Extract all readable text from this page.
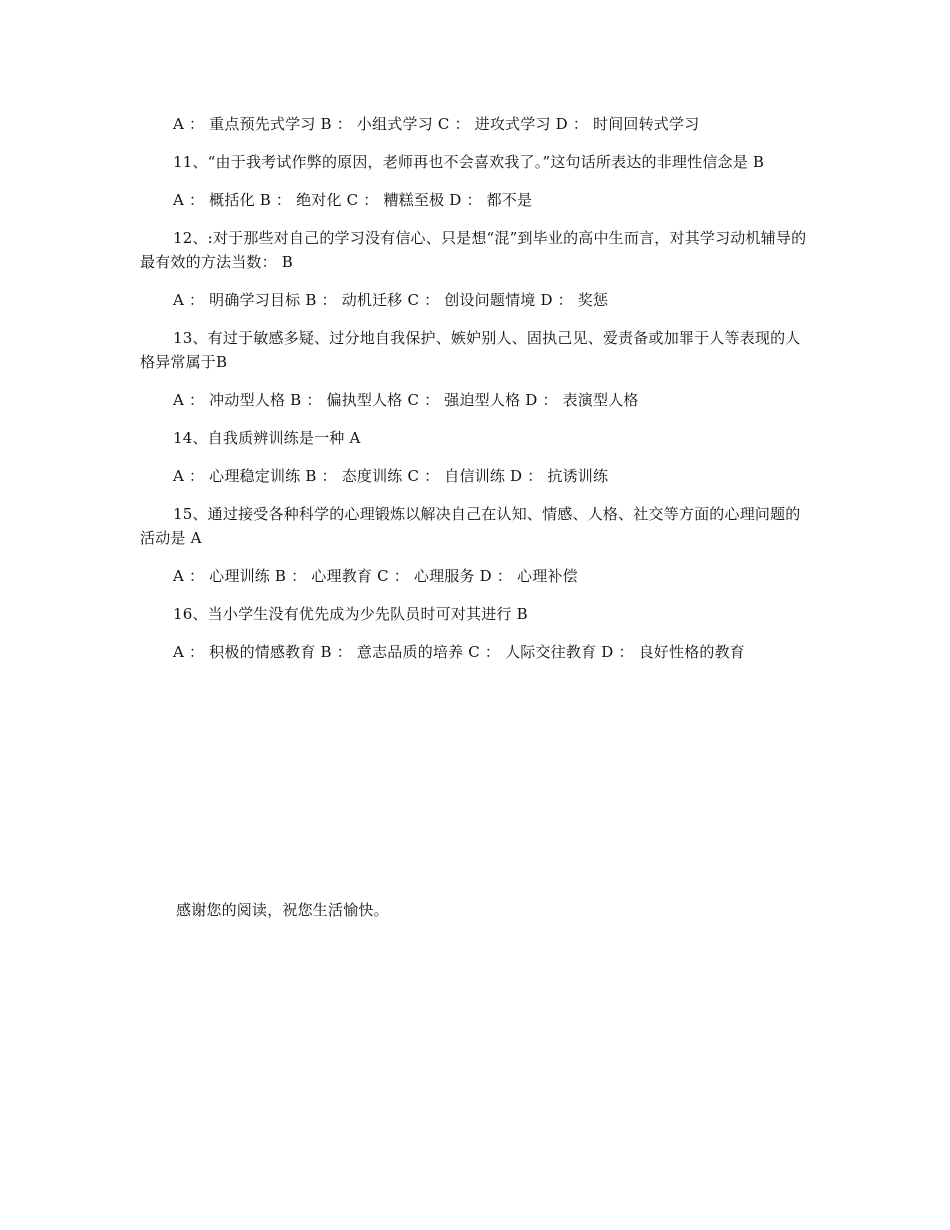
A ： 重点预先式学习 B ： 小组式学习 C ： 进攻式学习 D ： 时间回转式学习

11、“由于我考试作弊的原因，老师再也不会喜欢我了。”这句话所表达的非理性信念是 B

A ： 概括化 B ： 绝对化 C ： 糟糕至极 D ： 都不是

12、:对于那些对自己的学习没有信心、只是想“混”到毕业的高中生而言，对其学习动机辅导的最有效的方法当数： B

A ： 明确学习目标 B ： 动机迁移 C ： 创设问题情境 D ： 奖惩

13、有过于敏感多疑、过分地自我保护、嫉妒别人、固执己见、爱责备或加罪于人等表现的人格异常属于B

A ： 冲动型人格 B ： 偏执型人格 C ： 强迫型人格 D ： 表演型人格

14、自我质辨训练是一种 A

A ： 心理稳定训练 B ： 态度训练 C ： 自信训练 D ： 抗诱训练

15、通过接受各种科学的心理锻炼以解决自己在认知、情感、人格、社交等方面的心理问题的活动是 A

A ： 心理训练 B ： 心理教育 C ： 心理服务 D ： 心理补偿

16、当小学生没有优先成为少先队员时可对其进行 B

A ： 积极的情感教育 B ： 意志品质的培养 C ： 人际交往教育 D ： 良好性格的教育

感谢您的阅读，祝您生活愉快。
